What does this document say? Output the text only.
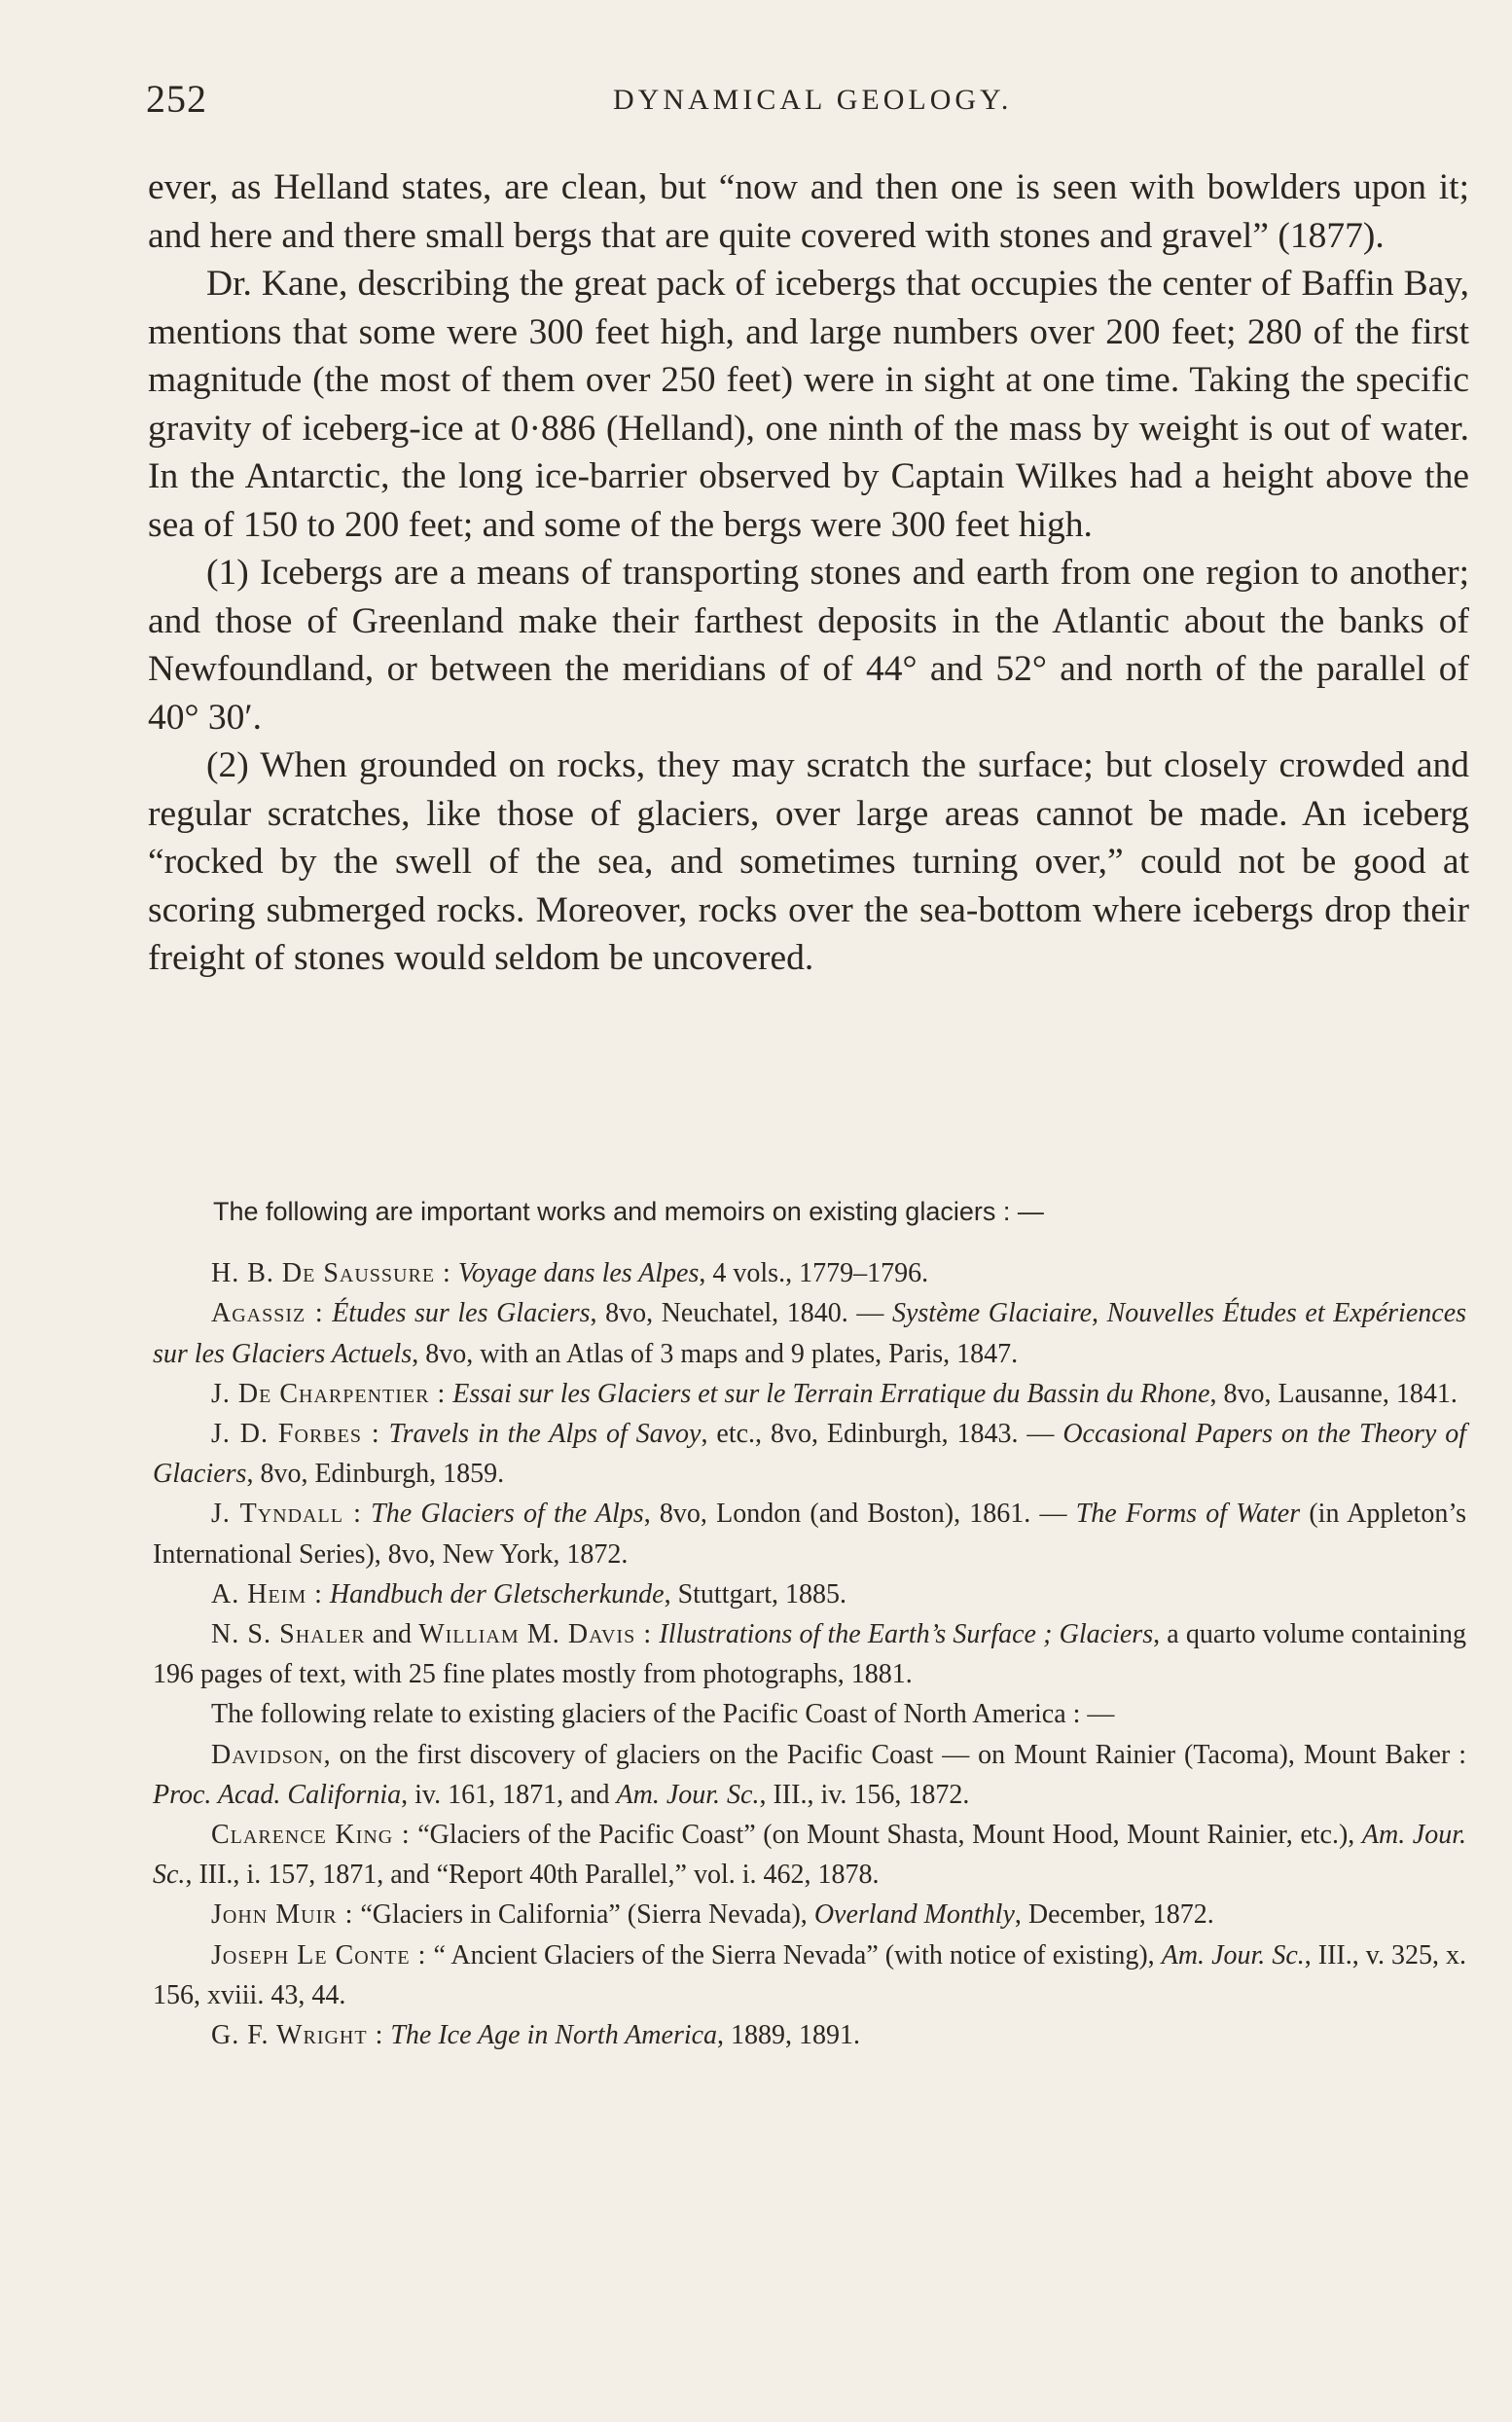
252	DYNAMICAL GEOLOGY.

ever, as Helland states, are clean, but “now and then one is seen with bowlders upon it; and here and there small bergs that are quite covered with stones and gravel” (1877).

Dr. Kane, describing the great pack of icebergs that occupies the center of Baffin Bay, mentions that some were 300 feet high, and large numbers over 200 feet; 280 of the first magnitude (the most of them over 250 feet) were in sight at one time. Taking the specific gravity of iceberg-ice at 0·886 (Helland), one ninth of the mass by weight is out of water. In the Antarctic, the long ice-barrier observed by Captain Wilkes had a height above the sea of 150 to 200 feet; and some of the bergs were 300 feet high.

(1) Icebergs are a means of transporting stones and earth from one region to another; and those of Greenland make their farthest deposits in the Atlantic about the banks of Newfoundland, or between the meridians of of 44° and 52° and north of the parallel of 40° 30′.

(2) When grounded on rocks, they may scratch the surface; but closely crowded and regular scratches, like those of glaciers, over large areas cannot be made. An iceberg “rocked by the swell of the sea, and sometimes turning over,” could not be good at scoring submerged rocks. Moreover, rocks over the sea-bottom where icebergs drop their freight of stones would seldom be uncovered.

The following are important works and memoirs on existing glaciers : —

H. B. De Saussure : Voyage dans les Alpes, 4 vols., 1779–1796.

Agassiz : Études sur les Glaciers, 8vo, Neuchatel, 1840. — Système Glaciaire, Nouvelles Études et Expériences sur les Glaciers Actuels, 8vo, with an Atlas of 3 maps and 9 plates, Paris, 1847.

J. De Charpentier : Essai sur les Glaciers et sur le Terrain Erratique du Bassin du Rhone, 8vo, Lausanne, 1841.

J. D. Forbes : Travels in the Alps of Savoy, etc., 8vo, Edinburgh, 1843. — Occasional Papers on the Theory of Glaciers, 8vo, Edinburgh, 1859.

J. Tyndall : The Glaciers of the Alps, 8vo, London (and Boston), 1861. — The Forms of Water (in Appleton’s International Series), 8vo, New York, 1872.

A. Heim : Handbuch der Gletscherkunde, Stuttgart, 1885.

N. S. Shaler and William M. Davis : Illustrations of the Earth’s Surface ; Glaciers, a quarto volume containing 196 pages of text, with 25 fine plates mostly from photographs, 1881.

The following relate to existing glaciers of the Pacific Coast of North America : —

Davidson, on the first discovery of glaciers on the Pacific Coast — on Mount Rainier (Tacoma), Mount Baker : Proc. Acad. California, iv. 161, 1871, and Am. Jour. Sc., III., iv. 156, 1872.

Clarence King : “Glaciers of the Pacific Coast” (on Mount Shasta, Mount Hood, Mount Rainier, etc.), Am. Jour. Sc., III., i. 157, 1871, and “Report 40th Parallel,” vol. i. 462, 1878.

John Muir : “Glaciers in California” (Sierra Nevada), Overland Monthly, December, 1872.

Joseph Le Conte : “ Ancient Glaciers of the Sierra Nevada” (with notice of existing), Am. Jour. Sc., III., v. 325, x. 156, xviii. 43, 44.

G. F. Wright : The Ice Age in North America, 1889, 1891.
